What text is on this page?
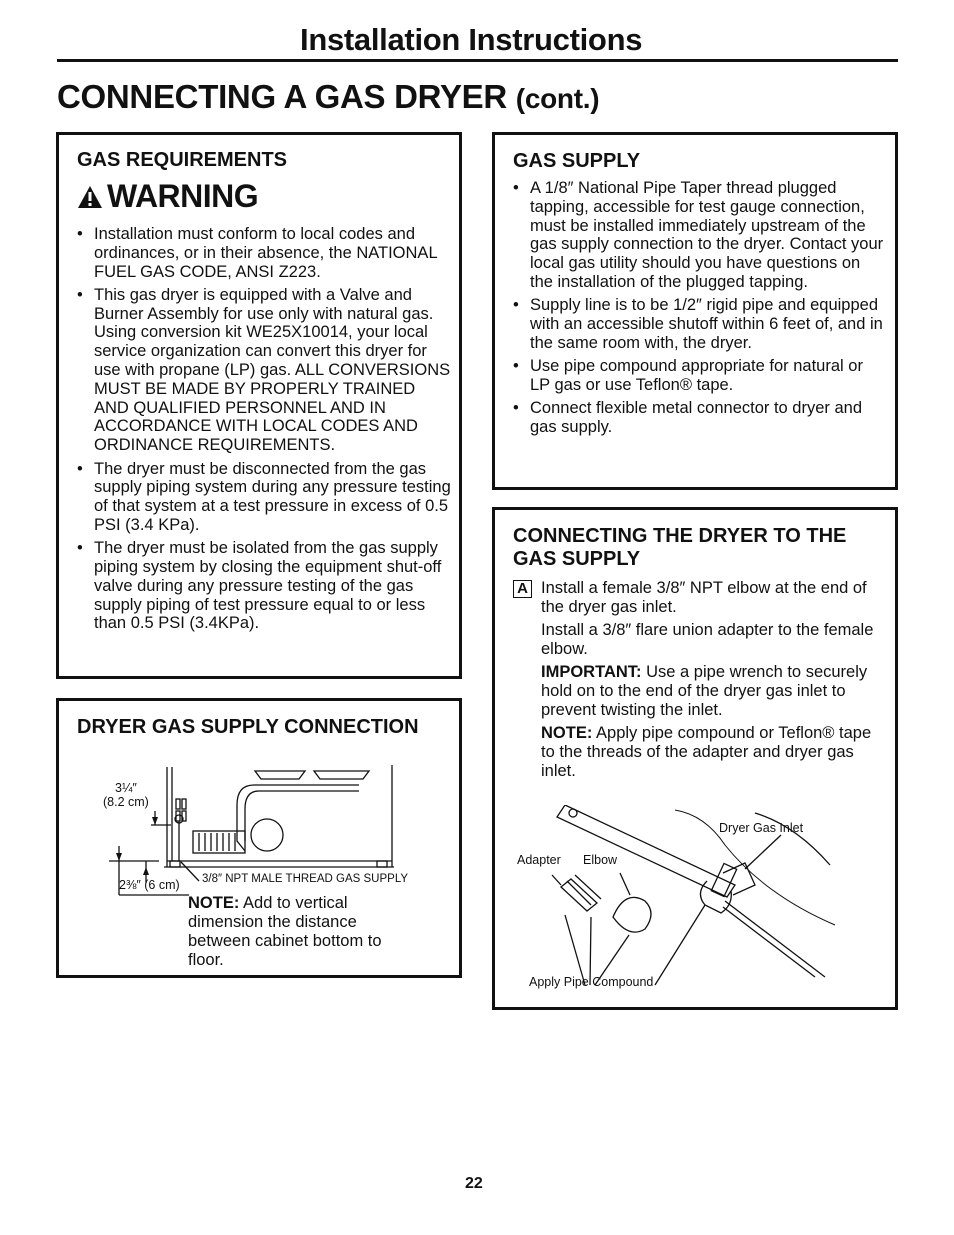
Installation Instructions
CONNECTING A GAS DRYER (cont.)
GAS REQUIREMENTS
WARNING
• Installation must conform to local codes and ordinances, or in their absence, the NATIONAL FUEL GAS CODE, ANSI Z223.
• This gas dryer is equipped with a Valve and Burner Assembly for use only with natural gas. Using conversion kit WE25X10014, your local service organization can convert this dryer for use with propane (LP) gas. ALL CONVERSIONS MUST BE MADE BY PROPERLY TRAINED AND QUALIFIED PERSONNEL AND IN ACCORDANCE WITH LOCAL CODES AND ORDINANCE REQUIREMENTS.
• The dryer must be disconnected from the gas supply piping system during any pressure testing of that system at a test pressure in excess of 0.5 PSI (3.4 KPa).
• The dryer must be isolated from the gas supply piping system by closing the equipment shut-off valve during any pressure testing of the gas supply piping of test pressure equal to or less than 0.5 PSI (3.4KPa).
DRYER GAS SUPPLY CONNECTION
3¼″
(8.2 cm)
2⅜″ (6 cm) 3/8″ NPT MALE THREAD GAS SUPPLY
NOTE: Add to vertical dimension the distance between cabinet bottom to floor.
GAS SUPPLY
• A 1/8″ National Pipe Taper thread plugged tapping, accessible for test gauge connection, must be installed immediately upstream of the gas supply connection to the dryer. Contact your local gas utility should you have questions on the installation of the plugged tapping.
• Supply line is to be 1/2″ rigid pipe and equipped with an accessible shutoff within 6 feet of, and in the same room with, the dryer.
• Use pipe compound appropriate for natural or LP gas or use Teflon® tape.
• Connect flexible metal connector to dryer and gas supply.
CONNECTING THE DRYER TO THE GAS SUPPLY

A Install a female 3/8″ NPT elbow at the end of the dryer gas inlet.

Install a 3/8″ flare union adapter to the female elbow.

IMPORTANT: Use a pipe wrench to securely hold on to the end of the dryer gas inlet to prevent twisting the inlet.

NOTE: Apply pipe compound or Teflon® tape to the threads of the adapter and dryer gas inlet.

Dryer Gas Inlet
Adapter Elbow
Apply Pipe Compound
22
